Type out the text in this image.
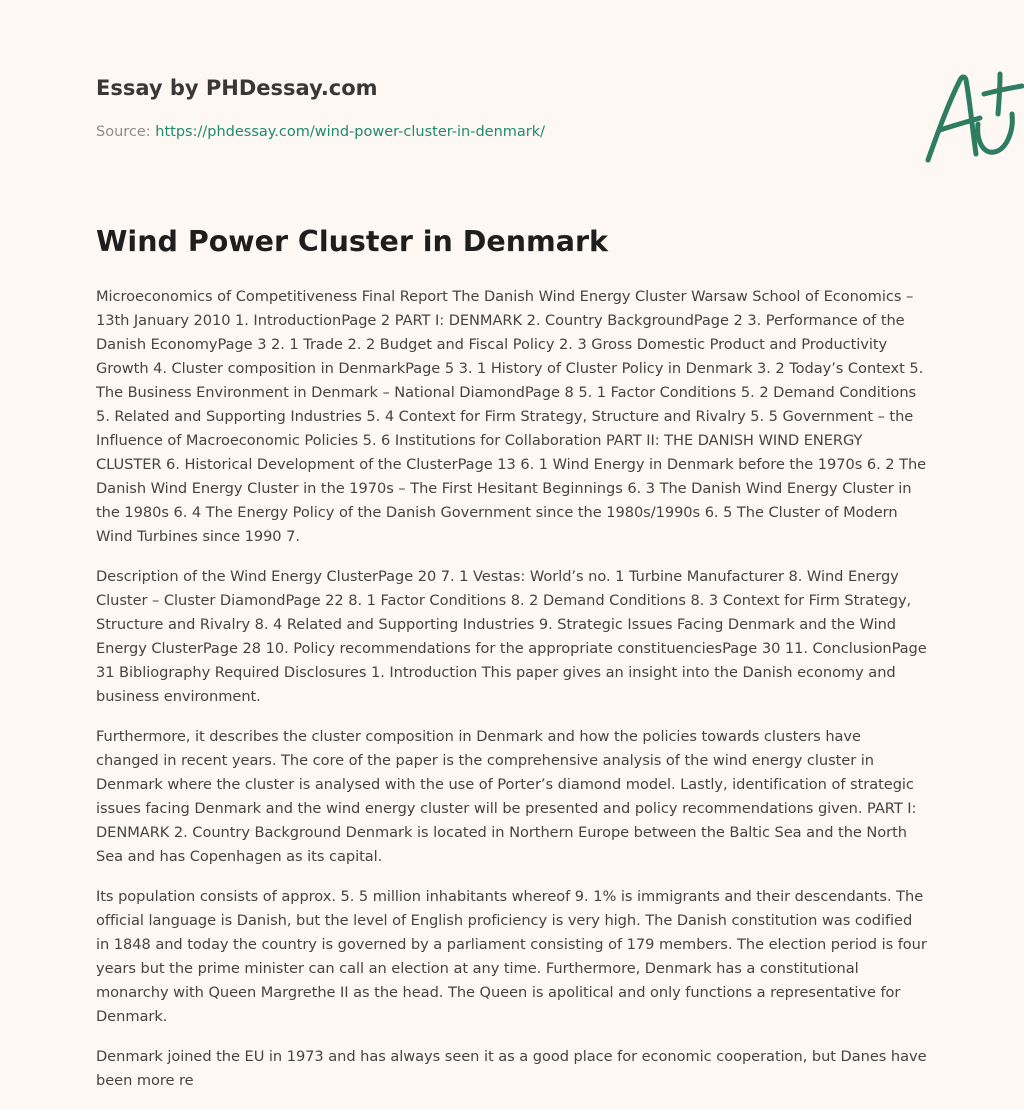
Essay by PHDessay.com
Source: https://phdessay.com/wind-power-cluster-in-denmark/
Wind Power Cluster in Denmark

Microeconomics of Competitiveness Final Report The Danish Wind Energy Cluster Warsaw School of Economics – 13th January 2010 1. IntroductionPage 2 PART I: DENMARK 2. Country BackgroundPage 2 3. Performance of the Danish EconomyPage 3 2. 1 Trade 2. 2 Budget and Fiscal Policy 2. 3 Gross Domestic Product and Productivity Growth 4. Cluster composition in DenmarkPage 5 3. 1 History of Cluster Policy in Denmark 3. 2 Today’s Context 5. The Business Environment in Denmark – National DiamondPage 8 5. 1 Factor Conditions 5. 2 Demand Conditions 5. Related and Supporting Industries 5. 4 Context for Firm Strategy, Structure and Rivalry 5. 5 Government – the Influence of Macroeconomic Policies 5. 6 Institutions for Collaboration PART II: THE DANISH WIND ENERGY CLUSTER 6. Historical Development of the ClusterPage 13 6. 1 Wind Energy in Denmark before the 1970s 6. 2 The Danish Wind Energy Cluster in the 1970s – The First Hesitant Beginnings 6. 3 The Danish Wind Energy Cluster in the 1980s 6. 4 The Energy Policy of the Danish Government since the 1980s/1990s 6. 5 The Cluster of Modern Wind Turbines since 1990 7.

Description of the Wind Energy ClusterPage 20 7. 1 Vestas: World’s no. 1 Turbine Manufacturer 8. Wind Energy Cluster – Cluster DiamondPage 22 8. 1 Factor Conditions 8. 2 Demand Conditions 8. 3 Context for Firm Strategy, Structure and Rivalry 8. 4 Related and Supporting Industries 9. Strategic Issues Facing Denmark and the Wind Energy ClusterPage 28 10. Policy recommendations for the appropriate constituenciesPage 30 11. ConclusionPage 31 Bibliography Required Disclosures 1. Introduction This paper gives an insight into the Danish economy and business environment.

Furthermore, it describes the cluster composition in Denmark and how the policies towards clusters have changed in recent years. The core of the paper is the comprehensive analysis of the wind energy cluster in Denmark where the cluster is analysed with the use of Porter’s diamond model. Lastly, identification of strategic issues facing Denmark and the wind energy cluster will be presented and policy recommendations given. PART I: DENMARK 2. Country Background Denmark is located in Northern Europe between the Baltic Sea and the North Sea and has Copenhagen as its capital.

Its population consists of approx. 5. 5 million inhabitants whereof 9. 1% is immigrants and their descendants. The official language is Danish, but the level of English proficiency is very high. The Danish constitution was codified in 1848 and today the country is governed by a parliament consisting of 179 members. The election period is four years but the prime minister can call an election at any time. Furthermore, Denmark has a constitutional monarchy with Queen Margrethe II as the head. The Queen is apolitical and only functions a representative for Denmark.

Denmark joined the EU in 1973 and has always seen it as a good place for economic cooperation, but Danes have been more re
